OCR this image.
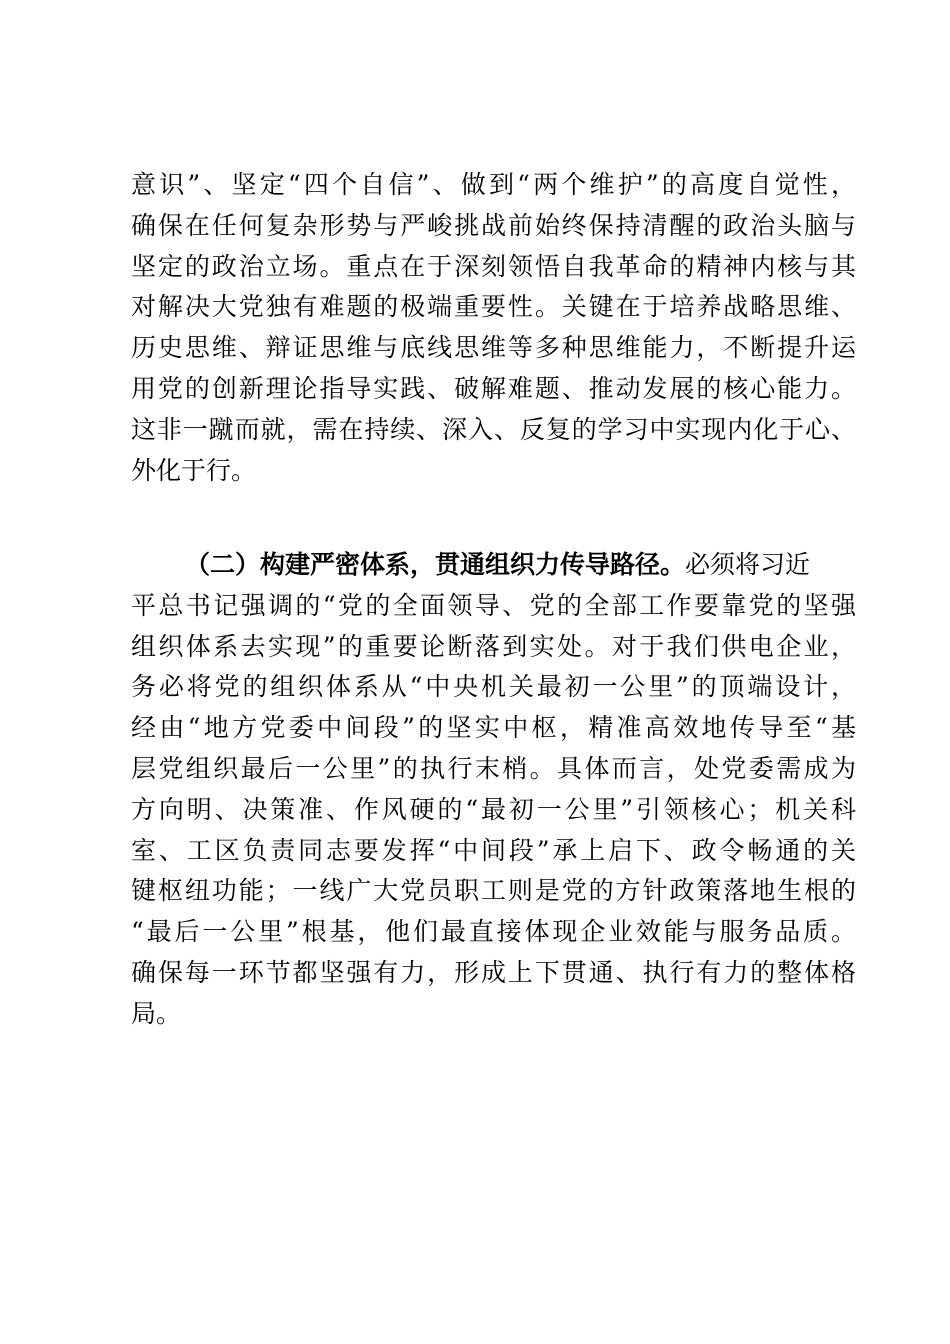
意识”、坚定“四个自信”、做到“两个维护”的高度自觉性，
确保在任何复杂形势与严峻挑战前始终保持清醒的政治头脑与
坚定的政治立场。重点在于深刻领悟自我革命的精神内核与其
对解决大党独有难题的极端重要性。关键在于培养战略思维、
历史思维、辩证思维与底线思维等多种思维能力，不断提升运
用党的创新理论指导实践、破解难题、推动发展的核心能力。
这非一蹴而就，需在持续、深入、反复的学习中实现内化于心、
外化于行。
（二）构建严密体系，贯通组织力传导路径。必须将习近
平总书记强调的“党的全面领导、党的全部工作要靠党的坚强
组织体系去实现”的重要论断落到实处。对于我们供电企业，
务必将党的组织体系从“中央机关最初一公里”的顶端设计，
经由“地方党委中间段”的坚实中枢，精准高效地传导至“基
层党组织最后一公里”的执行末梢。具体而言，处党委需成为
方向明、决策准、作风硬的“最初一公里”引领核心；机关科
室、工区负责同志要发挥“中间段”承上启下、政令畅通的关
键枢纽功能；一线广大党员职工则是党的方针政策落地生根的
“最后一公里”根基，他们最直接体现企业效能与服务品质。
确保每一环节都坚强有力，形成上下贯通、执行有力的整体格
局。
